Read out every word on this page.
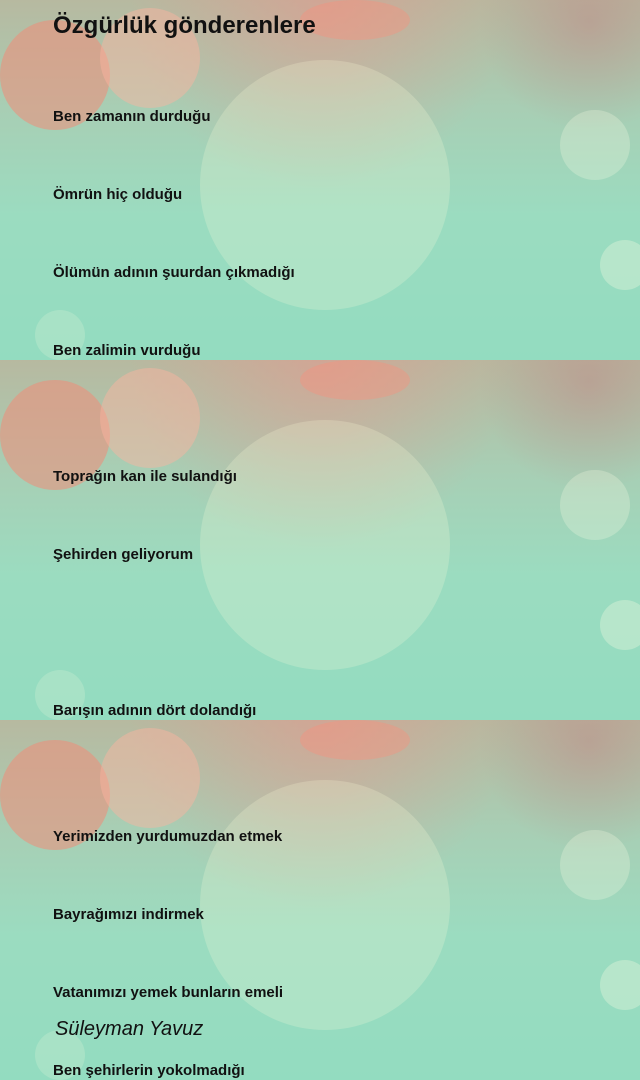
Özgürlük gönderenlere

Ben zamanın durduğu

Ömrün hiç olduğu

Ölümün adının şuurdan çıkmadığı

Ben zalimin vurduğu

Toprağın kan ile sulandığı

Şehirden geliyorum

Barışın adının dört dolandığı

Yerimizden yurdumuzdan etmek

Bayrağımızı indirmek

Vatanımızı yemek bunların emeli

Ben şehirlerin yokolmadığı

Süleyman Yavuz
